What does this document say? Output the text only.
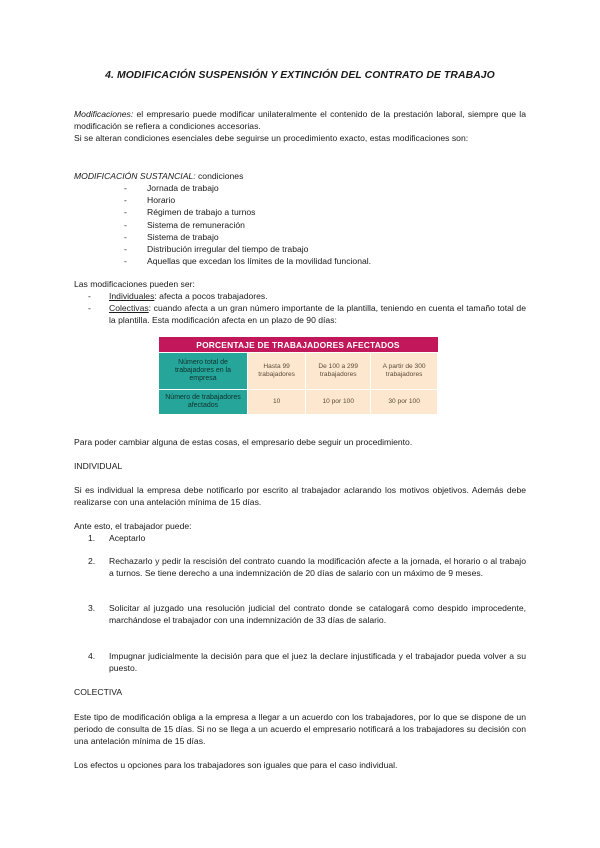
4. MODIFICACIÓN SUSPENSIÓN Y EXTINCIÓN DEL CONTRATO DE TRABAJO
Modificaciones: el empresario puede modificar unilateralmente el contenido de la prestación laboral, siempre que la modificación se refiera a condiciones accesorias.
Si se alteran condiciones esenciales debe seguirse un procedimiento exacto, estas modificaciones son:
MODIFICACIÓN SUSTANCIAL: condiciones
-	Jornada de trabajo
-	Horario
-	Régimen de trabajo a turnos
-	Sistema de remuneración
-	Sistema de trabajo
-	Distribución irregular del tiempo de trabajo
-	Aquellas que excedan los límites de la movilidad funcional.
Las modificaciones pueden ser:
-	Individuales: afecta a pocos trabajadores.
-	Colectivas: cuando afecta a un gran número importante de la plantilla, teniendo en cuenta el tamaño total de la plantilla. Esta modificación afecta en un plazo de 90 días:
PORCENTAJE DE TRABAJADORES AFECTADOS			
Número total de trabajadores en la empresa	Hasta 99 trabajadores	De 100 a 299 trabajadores	A partir de 300 trabajadores
Número de trabajadores afectados	10	10 por 100	30 por 100
Para poder cambiar alguna de estas cosas, el empresario debe seguir un procedimiento.
INDIVIDUAL
Si es individual la empresa debe notificarlo por escrito al trabajador aclarando los motivos objetivos. Además debe realizarse con una antelación mínima de 15 días.
Ante esto, el trabajador puede:
1.	Aceptarlo
2.	Rechazarlo y pedir la rescisión del contrato cuando la modificación afecte a la jornada, el horario o al trabajo a turnos. Se tiene derecho a una indemnización de 20 días de salario con un máximo de 9 meses.
3.	Solicitar al juzgado una resolución judicial del contrato donde se catalogará como despido improcedente, marchándose el trabajador con una indemnización de 33 días de salario.
4.	Impugnar judicialmente la decisión para que el juez la declare injustificada y el trabajador pueda volver a su puesto.
COLECTIVA
Este tipo de modificación obliga a la empresa a llegar a un acuerdo con los trabajadores, por lo que se dispone de un periodo de consulta de 15 días. Si no se llega a un acuerdo el empresario notificará a los trabajadores su decisión con una antelación mínima de 15 días.
Los efectos u opciones para los trabajadores son iguales que para el caso individual.
